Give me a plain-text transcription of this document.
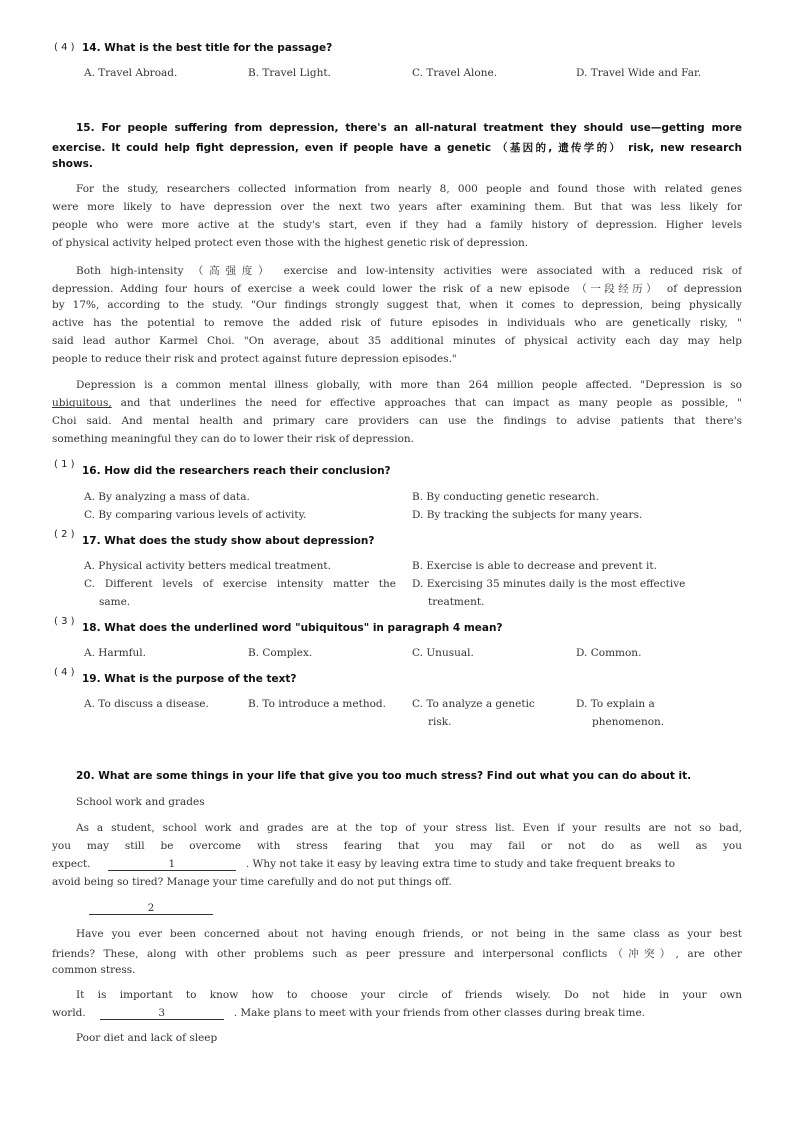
( 4 ) 14. What is the best title for the passage?
A. Travel Abroad.	B. Travel Light.	C. Travel Alone.	D. Travel Wide and Far.
15. For people suffering from depression, there's an all-natural treatment they should use—getting more
exercise. It could help fight depression, even if people have a genetic （基因的, 遗传学的） risk, new research
shows.
For the study, researchers collected information from nearly 8, 000 people and found those with related genes
were more likely to have depression over the next two years after examining them. But that was less likely for
people who were more active at the study's start, even if they had a family history of depression. Higher levels
of physical activity helped protect even those with the highest genetic risk of depression.
Both high-intensity （高强度） exercise and low-intensity activities were associated with a reduced risk of
depression. Adding four hours of exercise a week could lower the risk of a new episode （一段经历） of depression
by 17%, according to the study. "Our findings strongly suggest that, when it comes to depression, being physically
active has the potential to remove the added risk of future episodes in individuals who are genetically risky, "
said lead author Karmel Choi. "On average, about 35 additional minutes of physical activity each day may help
people to reduce their risk and protect against future depression episodes."
Depression is a common mental illness globally, with more than 264 million people affected. "Depression is so
ubiquitous, and that underlines the need for effective approaches that can impact as many people as possible, "
Choi said. And mental health and primary care providers can use the findings to advise patients that there's
something meaningful they can do to lower their risk of depression.
( 1 )
16. How did the researchers reach their conclusion?
A. By analyzing a mass of data.	B. By conducting genetic research.
C. By comparing various levels of activity.	D. By tracking the subjects for many years.
( 2 )
17. What does the study show about depression?
A. Physical activity betters medical treatment.	B. Exercise is able to decrease and prevent it.
C. Different levels of exercise intensity matter the
same.
D. Exercising 35 minutes daily is the most effective
treatment.
( 3 )
18. What does the underlined word "ubiquitous" in paragraph 4 mean?
A. Harmful.	B. Complex.	C. Unusual.	D. Common.
( 4 )
19. What is the purpose of the text?
A. To discuss a disease.	B. To introduce a method. C. To analyze a genetic
risk.
D. To explain a
phenomenon.
20. What are some things in your life that give you too much stress? Find out what you can do about it.
School work and grades
As a student, school work and grades are at the top of your stress list. Even if your results are not so bad,
you may still be overcome with stress fearing that you may fail or not do as well as you
expect.	1	. Why not take it easy by leaving extra time to study and take frequent breaks to
avoid being so tired? Manage your time carefully and do not put things off.
2
Have you ever been concerned about not having enough friends, or not being in the same class as your best
friends? These, along with other problems such as peer pressure and interpersonal conflicts（冲突）, are other
common stress.
It is important to know how to choose your circle of friends wisely. Do not hide in your own
world.	3	. Make plans to meet with your friends from other classes during break time.
Poor diet and lack of sleep
